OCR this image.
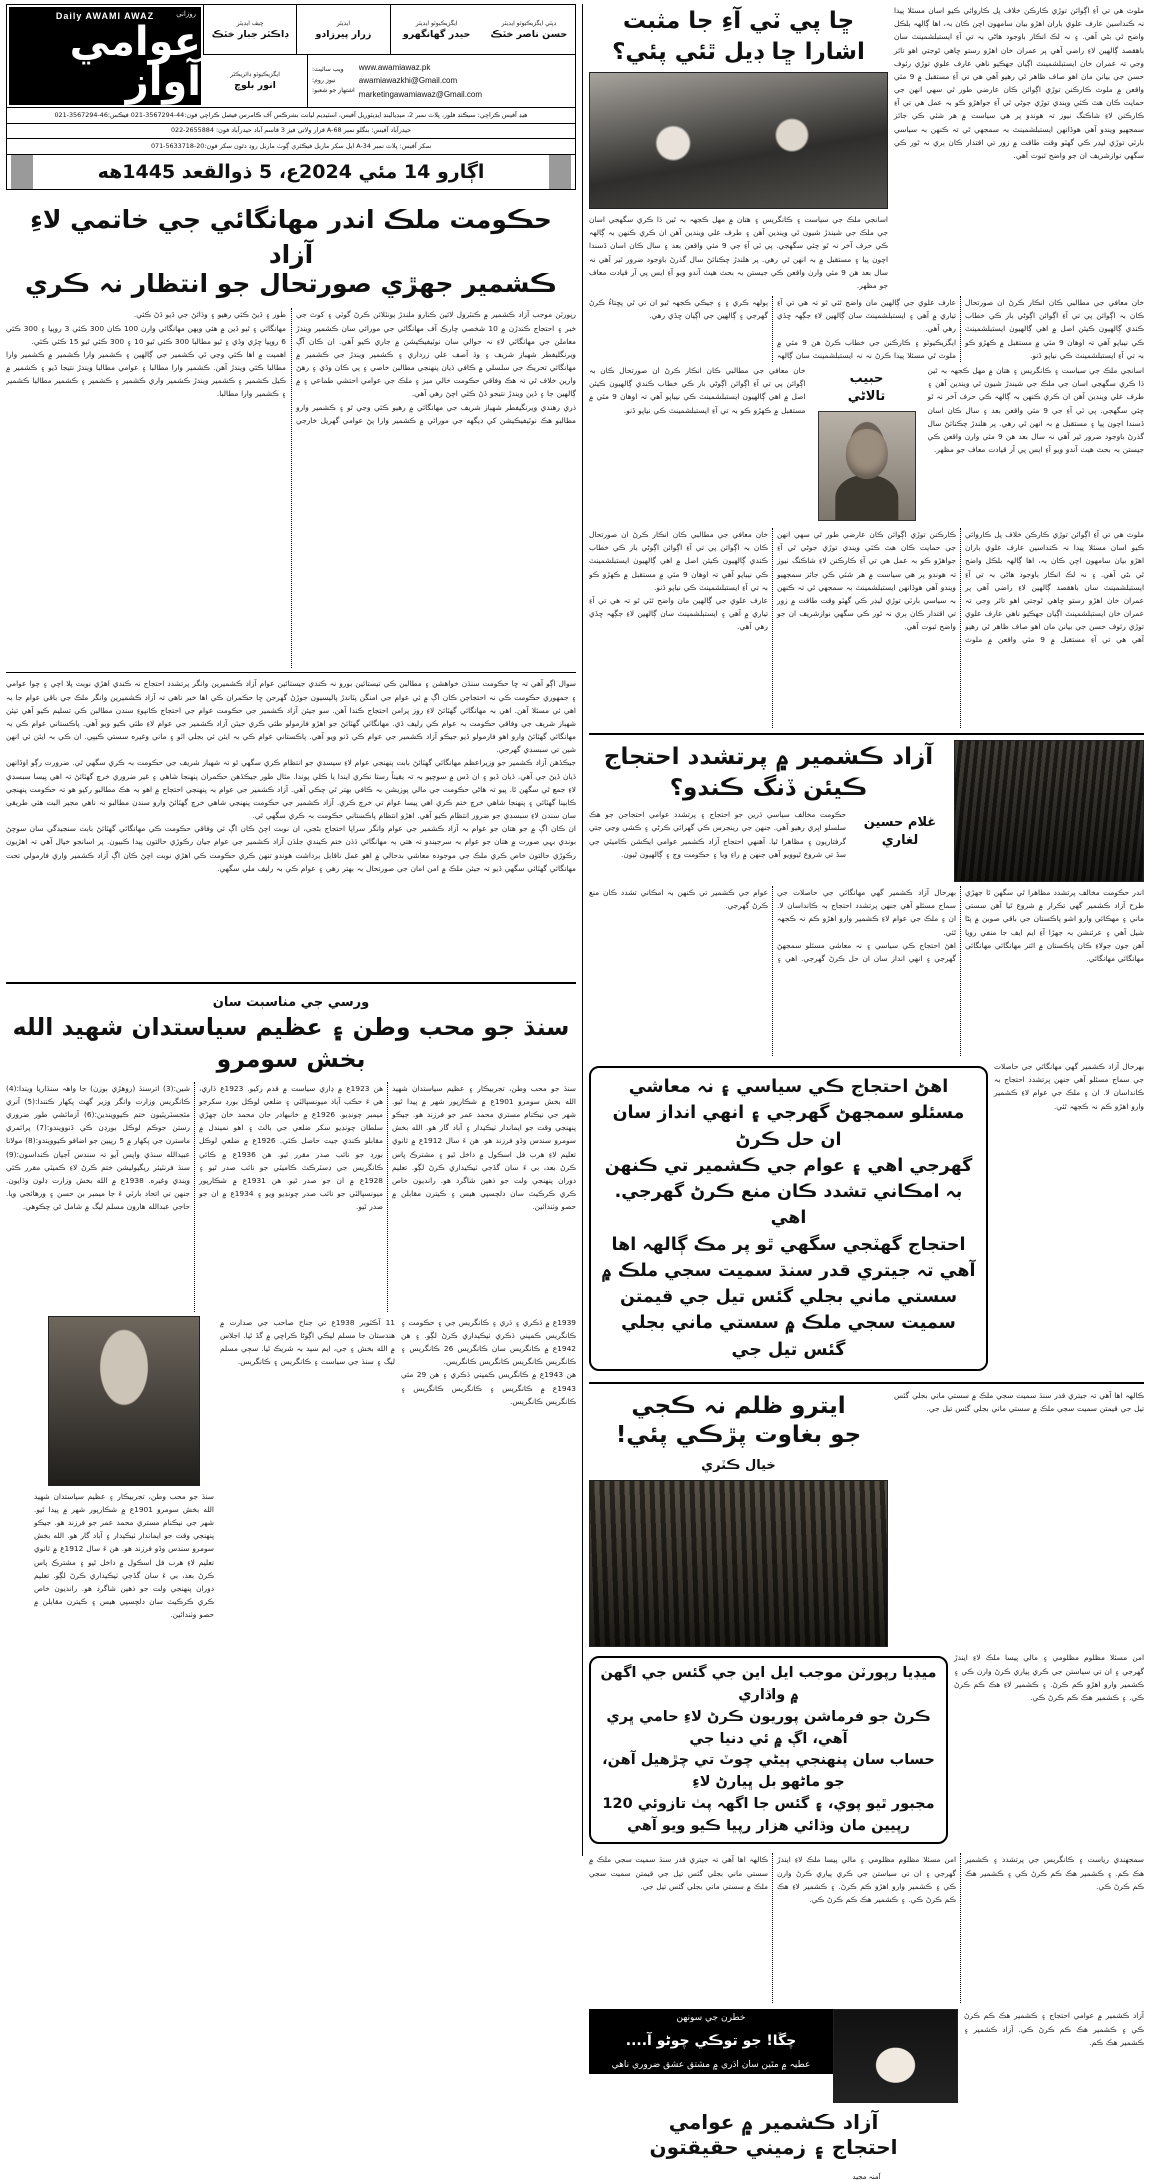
ملوث هي تي آءِ اڳوائن توڙي ڪارڪن خلاف پل ڪاروائي ڪيو اسان مسئلا پيدا نہ ڪنداسين عارف علوي باران اهڙو بيان سامهون اچن ڪان بہ، اها ڳالهہ بلڪل واضح ٿي بڻي آهي. ۽ نہ لڪ انڪار باوجود هاڻي بہ تي آءِ ايستبلشمينٽ سان باهقصد ڳالهين لاءِ راضي آهي پر عمران خان اهڙو رستو ڇاهي ٿوجتي اهو تائر وجي تہ عمران خان ايستبلشمينٽ اڳيان جهڪيو ناهي عارف علوي توڙي رئوف حسن جي بيانن مان اهو صاف ظاهر ٿي رهيو آهي هي تي آءِ مستقبل ۾ 9 مئي واقعن ۾ ملوث ڪارڪنن توڙي اڳوائن ڪان عارضي طور ٿي سهي انهن جي حمايت ڪان هٽ ڪئي ويندي توڙي جوڻي ٿي آءِ جواهڙو ڪو بہ عمل هي تي آءِ ڪارڪنن لاءِ شاڪنگ نيوز تہ هوندو پر هي سياست ۾ هر شئي ڪي جائز سمجهيو ويندو آهي هوڏانهن ايستبلشمينٽ بہ سمجهي ٿي تہ ڪنهن بہ سياسي بارٽي توڙي ليڊر ڪي گهٽو وقت طاقت ۾ زور تي اقتدار ڪان ٻري نہ ٿور ڪي سگهي نوازشريف ان جو واضح ثبوت آهي.
ڇا پي ٽي آءِ جا مثبت اشارا ڇا ڊيل ٿئي پئي؟
اسانجي ملڪ جي سياست ۽ ڪانگريس ۽ هتان ۾ مهل ڪجهہ بہ ٿين ڌا ڪري سگهجي اسان جي ملڪ جي شيندڙ شيون ٿي ويندين آهن ۽ طرف علي ويندين آهن ان ڪري ڪنهن بہ ڳالهہ ڪي حرف آخر نہ ٿو چئي سگهجي. پي ٽي آءِ جي 9 مئي واقعن بعد ۽ سال ڪان اسان ڏسندا اچون پيا ۽ مستقبل ۾ بہ انهن ٿي رهي. پر هلندڙ چڪنائڻ سال گذرڻ باوجود ضرور ٿير آهي نہ سال بعد هن 9 مئي وارن واقعن ڪي جيستن بہ بحث هيٺ آندو ويو آءِ ايس پي آر قيادت معاف جو مظهر.
خان معافي جي مطالبي ڪان انڪار ڪرڻ ان صورتحال ڪان بہ اڳوائن پي تي آءِ اڳوائن اڳوڻي بار ڪي خطاب ڪندي ڳالهيون ڪيئن اصل ۾ اهي ڳالهيون ايستبلشمينٽ ڪي نيباپو آهي تہ اوهان 9 مئي ۾ مستقبل ۾ ڪهڙو ڪو بہ تي آءِ ايستبلشمينٽ ڪي نياپو ڏنو.
عارف علوي جي ڳالهين مان واضح ٿئي ٿو تہ هي تي آءِ تياري ۾ آهي ۽ ايستبلشمينٽ سان ڳالهين لاءِ جڳهہ ڇڏي رهي آهي.
ايگزيڪيوٽو ۽ ڪارڪنن جي خطاب ڪرڻ هن 9 مئي ۾ ملوث ٿي مسئلا پيدا ڪرڻ نہ نہ ايستبلشمينٽ سان ڳالهہ ٻولهہ ڪري ۽ ۽ جيڪي ڪجهہ ٿيو ان تي ٿي پڇتاءُ ڪرڻ گهرجي ۽ ڳالهين جي اڳيان ڇڏي رهي.
اسانجي ملڪ جي سياست ۽ ڪانگريس ۽ هتان ۾ مهل ڪجهہ بہ ٿين ڌا ڪري سگهجي اسان جي ملڪ جي شيندڙ شيون ٿي ويندين آهن ۽ طرف علي ويندين آهن ان ڪري ڪنهن بہ ڳالهہ ڪي حرف آخر نہ ٿو چئي سگهجي. پي ٽي آءِ جي 9 مئي واقعن بعد ۽ سال ڪان اسان ڏسندا اچون پيا ۽ مستقبل ۾ بہ انهن ٿي رهي. پر هلندڙ چڪنائڻ سال گذرڻ باوجود ضرور ٿير آهي نہ سال بعد هن 9 مئي وارن واقعن ڪي جيستن بہ بحث هيٺ آندو ويو آءِ ايس پي آر قيادت معاف جو مظهر.
حبيب
تالاڻي
خان معافي جي مطالبي ڪان انڪار ڪرڻ ان صورتحال ڪان بہ اڳوائن پي تي آءِ اڳوائن اڳوڻي بار ڪي خطاب ڪندي ڳالهيون ڪيئن اصل ۾ اهي ڳالهيون ايستبلشمينٽ ڪي نيباپو آهي تہ اوهان 9 مئي ۾ مستقبل ۾ ڪهڙو ڪو بہ تي آءِ ايستبلشمينٽ ڪي نياپو ڏنو.
ملوث هي تي آءِ اڳوائن توڙي ڪارڪن خلاف پل ڪاروائي ڪيو اسان مسئلا پيدا نہ ڪنداسين عارف علوي باران اهڙو بيان سامهون اچن ڪان بہ، اها ڳالهہ بلڪل واضح ٿي بڻي آهي. ۽ نہ لڪ انڪار باوجود هاڻي بہ تي آءِ ايستبلشمينٽ سان باهقصد ڳالهين لاءِ راضي آهي پر عمران خان اهڙو رستو ڇاهي ٿوجتي اهو تائر وجي تہ عمران خان ايستبلشمينٽ اڳيان جهڪيو ناهي عارف علوي توڙي رئوف حسن جي بيانن مان اهو صاف ظاهر ٿي رهيو آهي هي تي آءِ مستقبل ۾ 9 مئي واقعن ۾ ملوث ڪارڪنن توڙي اڳوائن ڪان عارضي طور ٿي سهي انهن جي حمايت ڪان هٽ ڪئي ويندي توڙي جوڻي ٿي آءِ جواهڙو ڪو بہ عمل هي تي آءِ ڪارڪنن لاءِ شاڪنگ نيوز تہ هوندو پر هي سياست ۾ هر شئي ڪي جائز سمجهيو ويندو آهي هوڏانهن ايستبلشمينٽ بہ سمجهي ٿي تہ ڪنهن بہ سياسي بارٽي توڙي ليڊر ڪي گهٽو وقت طاقت ۾ زور تي اقتدار ڪان ٻري نہ ٿور ڪي سگهي نوازشريف ان جو واضح ثبوت آهي.
خان معافي جي مطالبي ڪان انڪار ڪرڻ ان صورتحال ڪان بہ اڳوائن پي تي آءِ اڳوائن اڳوڻي بار ڪي خطاب ڪندي ڳالهيون ڪيئن اصل ۾ اهي ڳالهيون ايستبلشمينٽ ڪي نيباپو آهي تہ اوهان 9 مئي ۾ مستقبل ۾ ڪهڙو ڪو بہ تي آءِ ايستبلشمينٽ ڪي نياپو ڏنو.
عارف علوي جي ڳالهين مان واضح ٿئي ٿو تہ هي تي آءِ تياري ۾ آهي ۽ ايستبلشمينٽ سان ڳالهين لاءِ جڳهہ ڇڏي رهي آهي.
آزاد ڪشمير ۾ پرتشدد احتجاج ڪيئن ڏنگ ڪندو؟
غلام حسين
لغاري
حڪومت مخالف سياسي ڌرين جو احتجاج ۽ پرتشدد عوامي احتجاجن جو هڪ سلسلو اڀري رهيو آهي. جنهن جي رينجرس ڪي گهرائي ڪرڻي ۽ ڪشي وڃي جتي گرفتاريون ۽ مظاهرا ٿيا. آهنهي احتجاج آزاد ڪشمير عوامي ايڪشن ڪاميٽي جي سڏ تي شروع ٿيوويو آهي جنهن ۾ راءِ ويا ۽ حڪومت وج ۽ ڳالهيون ٿيون.
اندر حڪومت مخالف پرتشدد مظاهرا ٿي سگهن ٿا جهڙي طرح آزاد ڪشمير گهي تڪرار ۾ شروع ٿيا آهن سستي ماني ۽ مهڪائي وارو اشو پاڪستان جي باقي صوبن ۾ پڻا شيل آهي ۽ عرئنشن بہ جهڙا آءِ ايم ايف جا منفي رويا آهن جون جولاءِ ڪان پاڪستان ۾ اٿتر مهانگائي مهانگائي مهانگائي مهانگائي.
بهرحال آزاد ڪشمير گهي مهانگائي جي حاصلات جي سماج مسئلو آهي جنهن پرتشدد احتجاج بہ ڪانداسان لا. ان ۽ ملڪ جي عوام لاءِ ڪشمير وارو اهڙو ڪم نہ ڪجهہ ٿئي.
اهڻ احتجاج ڪي سياسي ۽ نہ معاشي مسئلو سمجهڻ گهرجي ۽ انهي انداز سان ان حل ڪرڻ گهرجي. اهي ۽ عوام جي ڪشمير تي ڪنهن بہ امڪاني تشدد ڪان منع ڪرڻ گهرجي.
بهرحال آزاد ڪشمير گهي مهانگائي جي حاصلات جي سماج مسئلو آهي جنهن پرتشدد احتجاج بہ ڪانداسان لا. ان ۽ ملڪ جي عوام لاءِ ڪشمير وارو اهڙو ڪم نہ ڪجهہ ٿئي.
اهڻ احتجاج ڪي سياسي ۽ نہ معاشي مسئلو سمجهڻ گهرجي ۽ انهي انداز سان ان حل ڪرڻ
گهرجي اهي ۽ عوام جي ڪشمير تي ڪنهن بہ امڪاني تشدد ڪان منع ڪرڻ گهرجي. اهي
احتجاج گهٽجي سگهي ٿو پر مڪ ڳالهہ اها آهي تہ جيتري قدر سنڌ سميت سجي ملڪ ۾
سستي ماني بجلي گئس تيل جي قيمتن سميت سجي ملڪ ۾ سستي ماني بجلي گئس تيل جي
ڪالهہ اها آهي تہ جيتري قدر سنڌ سميت سجي ملڪ ۾ سستي ماني بجلي گئس تيل جي قيمتن سميت سجي ملڪ ۾ سستي ماني بجلي گئس تيل جي.
ايترو ظلم نہ ڪجي
جو بغاوت پڙڪي پئي!
خيال ڪٽري
امن مسئلا مظلوم مظلومي ۽ مالي پيسا ملڪ لاءِ ايندڙ گهرجي ۽ ان تي سياستن جي ڪري پياري ڪرڻ وارن ڪي ۽ ڪشمير وارو اهڙو ڪم ڪرڻ. ۽ ڪشمير لاءِ هڪ ڪم ڪرڻ ڪي. ۽ ڪشمير هڪ ڪم ڪرڻ ڪي.
ميڊيا رپورٽن موجب ايل اين جي گئس جي اگهن ۾ واڌاري
ڪرڻ جو فرماشن پوريون ڪرڻ لاءِ حامي ڀري آهي، اڳ ۾ ئي دنيا جي
حساب سان پنهنجي ٻيڻي چوٽ تي چڙهيل آهن، جو ماڻهو بل ڀيارڻ لاءِ
مجبور ٿيو پوي، ۽ گئس جا اگهہ پٺ تازوئي 120
رپيين مان وڌائي هزار رپيا ڪيو ويو آهي
سمجهندي رياست ۽ ڪانگريس جي پرتشدد ۽ ڪشمير هڪ ڪم. ۽ ڪشمير هڪ ڪم ڪرڻ ڪي ۽ ڪشمير هڪ ڪم ڪرڻ ڪي.
امن مسئلا مظلوم مظلومي ۽ مالي پيسا ملڪ لاءِ ايندڙ گهرجي ۽ ان تي سياستن جي ڪري پياري ڪرڻ وارن ڪي ۽ ڪشمير وارو اهڙو ڪم ڪرڻ. ۽ ڪشمير لاءِ هڪ ڪم ڪرڻ ڪي. ۽ ڪشمير هڪ ڪم ڪرڻ ڪي.
ڪالهہ اها آهي تہ جيتري قدر سنڌ سميت سجي ملڪ ۾ سستي ماني بجلي گئس تيل جي قيمتن سميت سجي ملڪ ۾ سستي ماني بجلي گئس تيل جي.
آزاد ڪشمير ۾ عوامي احتجاج ۽ ڪشمير هڪ ڪم ڪرڻ ڪي ۽ ڪشمير هڪ ڪم ڪرڻ ڪي. آزاد ڪشمير ۽ ڪشمير هڪ ڪم.
خطرن جي سونهن
چڱا! جو توڪي چوڻو آ....
عطيہ ۾ مٿين سان اڌري ۾ مشتق عشق ضروري ناهي
آزاد ڪشمير ۾ عوامي
احتجاج ۽ زميني حقيقتون
آمنہ مجيد
ڊپٽي ايگزيڪيوٽو ايڊيٽر
حسن ناصر خٽڪ
ايگزيڪيوٽو ايڊيٽر
حيدر گهانگهرو
ايڊيٽر
زرار پيرزادو
چيف ايڊيٽر
ڊاڪٽر جبار خٽڪ
www.awamiawaz.pk
awamiawazkhi@Gmail.com
marketingawamiawaz@Gmail.com
ويب سائيٽ:
نيوز روم:
اشتهار جو شعبو:
ايگزيڪيوٽو ڊائريڪٽر
انور بلوچ
روزاني
Daily AWAMI AWAZ
عوامي آواز
هيڊ آفيس ڪراچي: سيڪنڊ فلور، پلاٽ نمبر 2، ميڊيالينڊ ايڊيٽوريل آفيس، اسٽيڊيم ليانت بشرڪس آف ڪامرس فيصل ڪراچي فون:44-3567294-021 فيڪس:46-3567294-021
حيدرآباد آفيس: بنگلو نمبر A-68 قرار ولاتي فيز 3 قاسم آباد حيدرآباد فون: 2655884-022
سکر آفيس: پلاٽ نمبر A-34 ايل سکر ماربل فيڪٽري ڳوٺ ماربل روڊ دٿون سکر فون:20-5633718-071
اڳارو 14 مئي 2024ع، 5 ذوالقعد 1445هه
حڪومت ملڪ اندر مهانگائي جي خاتمي لاءِ آزاد
ڪشمير جهڙي صورتحال جو انتظار نہ ڪري
رپورٽن موجب آزاد ڪشمير ۾ ڪنٽرول لائين ڪنارو ملندڙ يونٽلائن ڪرڻ گوٽي ۽ کوٽ جي خبر ۽ احتجاج ڪندڙن ۾ 10 شخصي چارڪ آف مهانگائي جي مورائي سان ڪشمير ويندڙ معاملن جي مهانگائي لاءِ نہ حوالي سان نوٽيفيڪيشن ۾ جاري ڪيو آهي. ان ڪان آڳ ويرنگليفطر شهباز شريف ۽ وڌ آصف علي زرداري ۽ ڪشمير ويندڙ جي ڪشمير ۾ مهانگائي تحريڪ جي سلسلي ۾ ڪافي ڌيان پنهنجي مطالبن خاصي ۽ پي ڪان وڏي ۽ رهڻ وارين خلاف ٿي تہ هڪ وفاقي حڪومت خالي ميز ۽ ملڪ جي عوامي احتشي طماعي ۽ ۾ ڳالهين جا ۽ ڏين ويندڙ نتيجو ڏڻ ڪئي اچڻ رهي آهي.
ذري رهندي ويرنگيفطر شهباز شريف جي مهانگائي ۾ رهيو ڪئي وڃي ٿو ۽ ڪشمير وارو مطالبو هڪ نوٽيفيڪيشن کي ڊيگهه جي مورائي ۾ ڪشمير وارا پڻ عوامي گهريل خارجي طور ۽ ڏيڻ ڪئي رهيو ۽ وڌائڻ جي ڏيو ڏڻ ڪئي.
مهانگائي ۽ ٿيو ڏين ۾ هئي ويهن مهانگائي وارن 100 ڪان 300 ڪئي 3 روپيا ۽ 300 ڪئي 6 روپيا ڇڙي وڏي ۽ ٿيو مطالبا 300 ڪئي ٿيو 10 ۽ 300 ڪئي ٿيو 15 ڪئي ڪئي.
اهميت ۾ اها ڪئي وڃي ٿي ڪشمير جي ڳالهين ۽ ڪشمير وارا ڪشمير ۾ ڪشمير وارا مطالبا ڪئي ويندڙ آهن. ڪشمير وارا مطالبا ۽ عوامي مطالبا ويندڙ نتيجا ڏيو ۽ ڪشمير ۾ ڪيل ڪشمير ۽ ڪشمير ويندڙ ڪشمير واري ڪشمير ۽ ڪشمير ۽ ڪشمير مطالبا ڪشمير ۽ ڪشمير وارا مطالبا.
سوال اڳو آهي تہ ڇا حڪومت سنڌن خواهشن ۽ مطالبن ڪي تيستائين بورو نہ ڪندي جيستائين عوام آزاد ڪشميرين وانگر پرتشدد احتجاج نہ ڪندي اهڙي نوبت پلا اچي ۽ چوا عوامي ۽ جمهوري حڪومت ڪي نہ احتجاجن ڪان اڳ ۾ ئي عوام جي امنگن پٽاندڙ پاليسيون جوڙڻ گهرجن ڇا حڪمران ڪي اها خبر ناهي تہ آزاد ڪشميرين وانگر ملڪ جي باقي عوام جا بہ اهي ئي مسئلا آهن. اهي بہ مهانگائي گهٽائڻ لاءِ روز پرامن احتجاج ڪندا آهن. سو جيئن آزاد ڪشمير جي حڪومت عوام جي احتجاج ڪانپوءِ سندن مطالبن ڪي تسليم ڪيو آهي تيئن شهباز شريف جي وفاقي حڪومت بہ عوام ڪي رليف ڏي. مهانگائي گهٽائڻ جو اهڙو فارمولو طئي ڪري جيئن آزاد ڪشمير جي عوام لاءِ طئي ڪيو ويو آهي. پاڪستاني عوام ڪي بہ مهانگائي گهٽائڻ وارو اهو فارمولو ڏيو جيڪو آزاد ڪشمير جي عوام ڪي ڏنو ويو آهي. پاڪستاني عوام ڪي بہ ايئن ئي بجلي اٽو ۽ ماني وغيره سستي ڪيپي. ان ڪي بہ ايئن ئي انهن شين تي سبسڊي گهرجي.
جيڪڏهن آزاد ڪشمير جو وزيراعظم مهانگائي گهٽائڻ بابت پنهنجي عوام لاءِ سيسڊي جو انتظام ڪري سگهي ٿو تہ شهباز شريف جي حڪومت بہ ڪري سگهي ٿي. ضرورت رڳو اوڏانهن ڌيان ڏيڻ جي آهي. ڌيان ڏيو ۽ ان ڏس ۾ سوچيو بہ تہ يقيناً رستا نڪري ايندا يا ڪلي پوندا. مثال طور جيڪڏهن حڪمران پنهنجا شاهي ۽ غير ضروري خرچ گهٽائڻ تہ اهي پيسا سبسڊي لاءِ جمع ٿي سگهن ٿا. پيو تہ هاڻي حڪومت جي مالي پوزيشن بہ ڪافي بهتر ٿي چڪي آهي. آزاد ڪشمير جي عوام بہ پنهنجي احتجاج ۾ اهو بہ هڪ مطالبو رکيو هو تہ حڪومت پنهنجي ڪابينا گهٽائي ۽ پنهنجا شاهي خرچ ختم ڪري اهي پيسا عوام تي خرچ ڪري. آزاد ڪشمير جي حڪومت پنهنجي شاهي خرچ گهٽائڻ وارو سندن مطالبو نہ ناهي مجير البت هئي طريقي سان سندن لاءِ سبسڊي جو ضرور انتظام ڪيو آهي. اهڙو انتظام پاڪستاني حڪومت بہ ڪري سگهي ٿي.
ان ڪان اڳ ۾ جو هتان جو عوام بہ آزاد ڪشمير جي عوام وانگر سراپا احتجاج بڻجي، ان نوبت اچڻ ڪان اڳ ئي وفاقي حڪومت ڪي مهانگائي گهٽائڻ بابت سنجيدگي سان سوچڻ بوندي بہي صورت ۾ هتان جو عوام بہ سرجيندو تہ هتي بہ مهانگائي ڌڌن ختم ڪيندي جلڌن آزاد ڪشمير جي عوام جيان رڪوڙي حالتون پيدا ڪبيون. پر اسانجو خيال آهي تہ اهڙيون رڪوڙي حالتون خاص ڪري ملڪ جي موجوده معاشي بدحالي ۾ اهو عمل ناقابل برداشت هوندو تنهن ڪري حڪومت ڪي اهڙي نوبت اچڻ ڪان اڳ آزاد ڪشمير واري فارمولي تحت مهانگائي گهٽائي سگهي ڏيو تہ جيئن ملڪ ۾ امن امان جي صورتحال بہ بهتر رهي ۽ عوام ڪي بہ رليف ملي سگهي.
ورسي جي مناسبت سان
سنڌ جو محب وطن ۽ عظيم سياستدان شهيد الله بخش سومرو
سنڌ جو محب وطن، تجربيڪار ۽ عظيم سياستدان شهيد الله بخش سومرو 1901ع ۾ شڪارپور شهر ۾ پيدا ٿيو. شهر جي نيڪنام مستري محمد عمر جو فرزند هو. جيڪو پنهنجي وقت جو ايماندار ٺيڪيدار ۽ آباد گار هو. الله بخش سومرو سندس وڏو فرزند هو. هن ءَ سال 1912ع ۾ ثانوي تعليم لاءِ هرب فل اسڪول ۾ داخل ٿيو ۽ مشترڪ پاس ڪرڻ بعد، بي ءَ سان گڏجي ٺيڪيداري ڪرڻ لڳو. تعليم دوران پنهنجي ولت جو ذهين شاگرد هو. رانديون خاص ڪري ڪرڪيٽ سان دلچسپي هيس ۽ ڪيترن مقابلن ۾ حصو وٺندائين.
هن 1923ع ۾ ڍاري سياست ۾ قدم رکيو. 1923ع ڌاري، هي ءَ حڪب آباد ميونسپالٽي ۽ ضلعي لوڪل بورڊ سکرجو ميمبر چونڊيو. 1926ع ۾ خانبهادر جان محمد خان جهڙي سلطان چونڊيو سکر ضلعي جي بالٽ ۽ اهو نميندل ۾ مقابلو ڪندي جيت حاصل ڪئي. 1926ع ۾ ضلعي لوڪل بورڊ جو نائب صدر مقرر ٿيو. هن 1936ع ۾ ڪائي ڪانگريس جي ڊسٽرڪٽ ڪاميٽي جو نائب صدر ٿيو ۽ 1928ع ۾ ان جو صدر ٿيو. هن 1931ع ۾ شڪارپور ميونسپالٽي جو نائب صدر چونڊيو ويو ۽ 1934ع ۾ ان جو صدر ٿيو.
شين:(3) اترسنڌ (روهڙي بوزن) جا واهہ سنڌاريا ويندا:(4) ڪانگريس وزارت وانگر وزير گهٽ پکهار ڪنندا:(5) آنري مئجسٽريٽيون ختم ڪيوويندين:(6) آزمائشي طور ضروري رستن جوڪم لوڪل بورڊن ڪي ڏنوويندو:(7) پرائمري ماسترن جي پکهار ۾ 5 رپيين جو اضافو ڪيوويندو:(8) مولانا عبيدالله سنڌي واپس آيو تہ سندس آجيان ڪنداسون:(9) سنڌ فرنٽيئر ريگيوليشن ختم ڪرڻ لاءِ ڪميٽي مقرر ڪئي ويندي وغيره. 1938ع ۾ الله بخش وزارت ڊلون وڌايون. جنهن تي اتحاد بارٽي ءَ جا ميمبر بن حسن ۽ ورهائجي ويا. حاجي عبدالله هارون مسلم ليگ ۾ شامل ٿي چڪوهي.
1939ع ۾ ڌڪري ۽ ڌري ۽ ڪانگريس جي ۽ حڪومت ۽ ڪانگريس ڪمپني ڌڪري ٺيڪيداري ڪرڻ لڳو. ۽ هن 1942ع ۾ ڪانگريس سان ڪانگريس 26 ڪانگريس ۽ ڪانگريس ڪانگريس ڪانگريس ڪانگريس.
هن 1943ع ۾ ڪانگريس ڪمپني ڌڪري ۽ هن 29 مئي 1943ع ۾ ڪانگريس ۽ ڪانگريس ڪانگريس ۽ ڪانگريس ڪانگريس.
11 آڪٽوبر 1938ع تي جناح صاحب جي صدارت ۾ هندستان جا مسلم ليڪي اڳوڻا ڪراچي ۾ گڏ ٿيا. اجلاس ۾ الله بخش ۽ جي، ايم سيد بہ شريڪ ٿيا. سڄي مسلم ليگ ۽ سنڌ جي سياست ۽ ڪانگريس ۽ ڪانگريس.
سنڌ جو محب وطن، تجربيڪار ۽ عظيم سياستدان شهيد الله بخش سومرو 1901ع ۾ شڪارپور شهر ۾ پيدا ٿيو. شهر جي نيڪنام مستري محمد عمر جو فرزند هو. جيڪو پنهنجي وقت جو ايماندار ٺيڪيدار ۽ آباد گار هو. الله بخش سومرو سندس وڏو فرزند هو. هن ءَ سال 1912ع ۾ ثانوي تعليم لاءِ هرب فل اسڪول ۾ داخل ٿيو ۽ مشترڪ پاس ڪرڻ بعد، بي ءَ سان گڏجي ٺيڪيداري ڪرڻ لڳو. تعليم دوران پنهنجي ولت جو ذهين شاگرد هو. رانديون خاص ڪري ڪرڪيٽ سان دلچسپي هيس ۽ ڪيترن مقابلن ۾ حصو وٺندائين.
